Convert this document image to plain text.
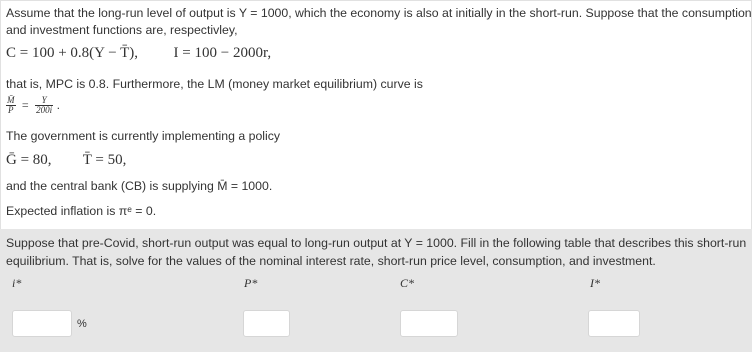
Assume that the long-run level of output is Y = 1000, which the economy is also at initially in the short-run. Suppose that the consumption
and investment functions are, respectivley,
C = 100 + 0.8(Y − T̄), I = 100 − 2000r,
that is, MPC is 0.8. Furthermore, the LM (money market equilibrium) curve is
$\frac{M̄}{P} = \frac{Y}{200i}$ .
The government is currently implementing a policy
Ḡ = 80, T̄ = 50,
and the central bank (CB) is supplying M̄ = 1000.
Expected inflation is πᵉ = 0.
Suppose that pre-Covid, short-run output was equal to long-run output at Y = 1000. Fill in the following table that describes this short-run
equilibrium. That is, solve for the values of the nominal interest rate, short-run price level, consumption, and investment.
i*	P*	C*	I*
%
